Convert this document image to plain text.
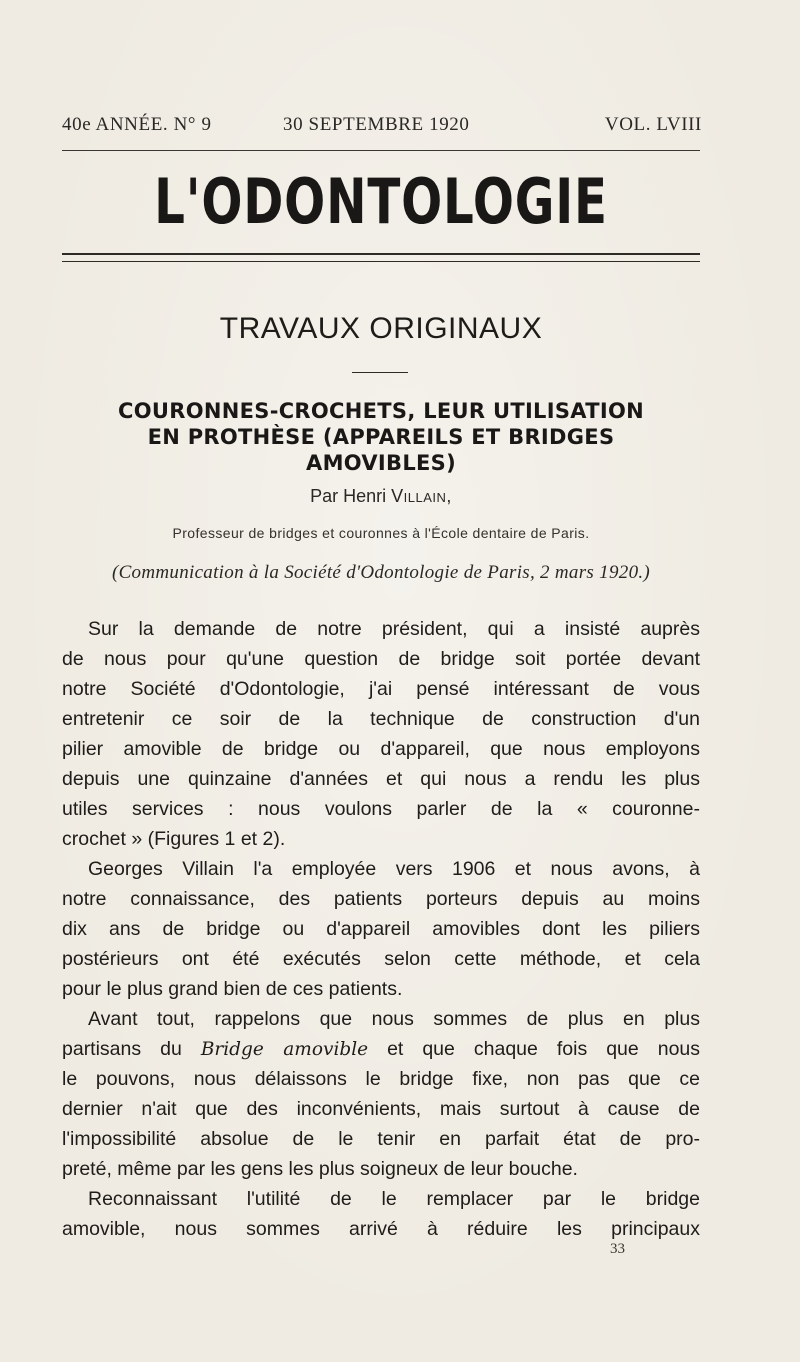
40e ANNÉE. N° 9	30 SEPTEMBRE 1920	VOL. LVIII
L'ODONTOLOGIE
TRAVAUX ORIGINAUX
COURONNES-CROCHETS, LEUR UTILISATION
EN PROTHÈSE (APPAREILS ET BRIDGES
AMOVIBLES)
Par Henri Villain,
Professeur de bridges et couronnes à l'École dentaire de Paris.
(Communication à la Société d'Odontologie de Paris, 2 mars 1920.)
Sur la demande de notre président, qui a insisté auprès
de nous pour qu'une question de bridge soit portée devant
notre Société d'Odontologie, j'ai pensé intéressant de vous
entretenir ce soir de la technique de construction d'un
pilier amovible de bridge ou d'appareil, que nous employons
depuis une quinzaine d'années et qui nous a rendu les plus
utiles services : nous voulons parler de la « couronne-
crochet » (Figures 1 et 2).
Georges Villain l'a employée vers 1906 et nous avons, à
notre connaissance, des patients porteurs depuis au moins
dix ans de bridge ou d'appareil amovibles dont les piliers
postérieurs ont été exécutés selon cette méthode, et cela
pour le plus grand bien de ces patients.
Avant tout, rappelons que nous sommes de plus en plus
partisans du Bridge amovible et que chaque fois que nous
le pouvons, nous délaissons le bridge fixe, non pas que ce
dernier n'ait que des inconvénients, mais surtout à cause de
l'impossibilité absolue de le tenir en parfait état de pro-
preté, même par les gens les plus soigneux de leur bouche.
Reconnaissant l'utilité de le remplacer par le bridge
amovible, nous sommes arrivé à réduire les principaux
33
